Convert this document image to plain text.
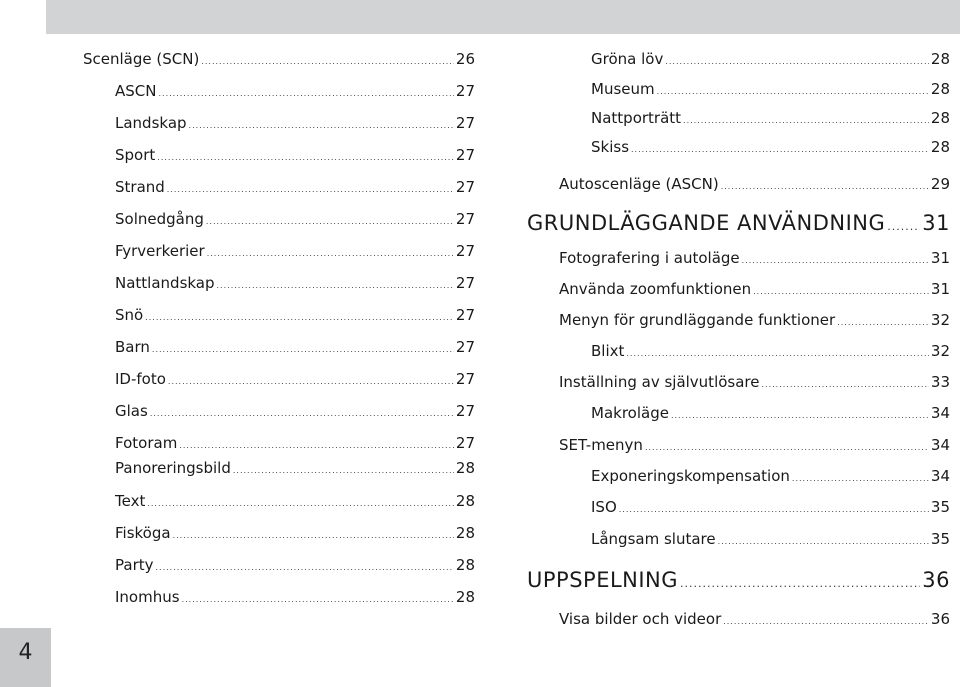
4
Scenläge (SCN) .....	26
ASCN .....	27
Landskap .....	27
Sport .....	27
Strand .....	27
Solnedgång .....	27
Fyrverkerier .....	27
Nattlandskap .....	27
Snö .....	27
Barn .....	27
ID-foto .....	27
Glas .....	27
Fotoram .....	27
Panoreringsbild .....	28
Text .....	28
Fisköga .....	28
Party .....	28
Inomhus .....	28
Gröna löv .....	28
Museum .....	28
Nattporträtt .....	28
Skiss .....	28
Autoscenläge (ASCN) .....	29
GRUNDLÄGGANDE ANVÄNDNING ..... 31
Fotografering i autoläge .....	31
Använda zoomfunktionen .....	31
Menyn för grundläggande funktioner .....	32
Blixt .....	32
Inställning av självutlösare .....	33
Makroläge .....	34
SET-menyn .....	34
Exponeringskompensation .....	34
ISO .....	35
Långsam slutare .....	35
UPPSPELNING .....	36
Visa bilder och videor .....	36
